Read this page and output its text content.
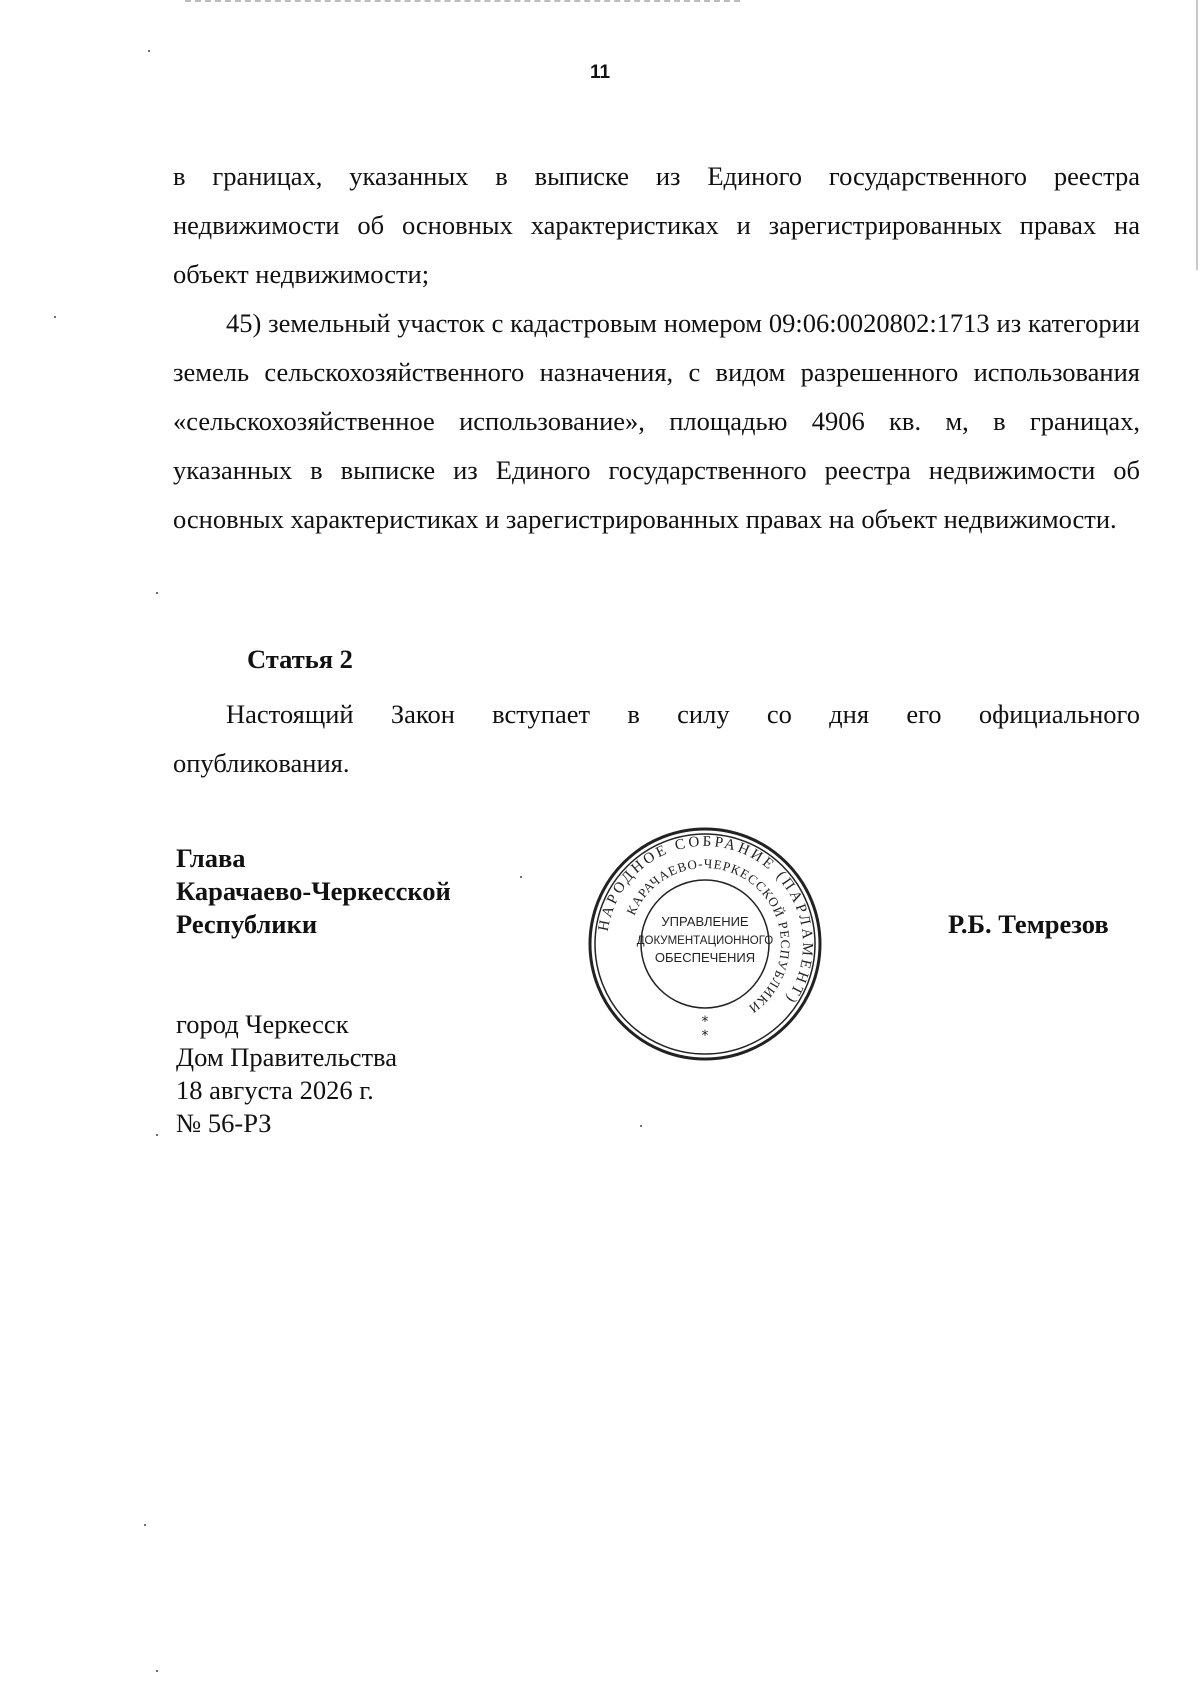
11

в границах, указанных в выписке из Единого государственного реестра недвижимости об основных характеристиках и зарегистрированных правах на объект недвижимости;

45) земельный участок с кадастровым номером 09:06:0020802:1713 из категории земель сельскохозяйственного назначения, с видом разрешенного использования «сельскохозяйственное использование», площадью 4906 кв. м, в границах, указанных в выписке из Единого государственного реестра недвижимости об основных характеристиках и зарегистрированных правах на объект недвижимости.

Статья 2

Настоящий Закон вступает в силу со дня его официального

опубликования.

Глава
Карачаево-Черкесской
Республики	Р.Б. Темрезов
город Черкесск
Дом Правительства
18 августа 2026 г.
№ 56-РЗ
НАРОДНОЕ СОБРАНИЕ (ПАРЛАМЕНТ)
КАРАЧАЕВО-ЧЕРКЕССКОЙ РЕСПУБЛИКИ
УПРАВЛЕНИЕ
ДОКУМЕНТАЦИОННОГО
ОБЕСПЕЧЕНИЯ
*
*
